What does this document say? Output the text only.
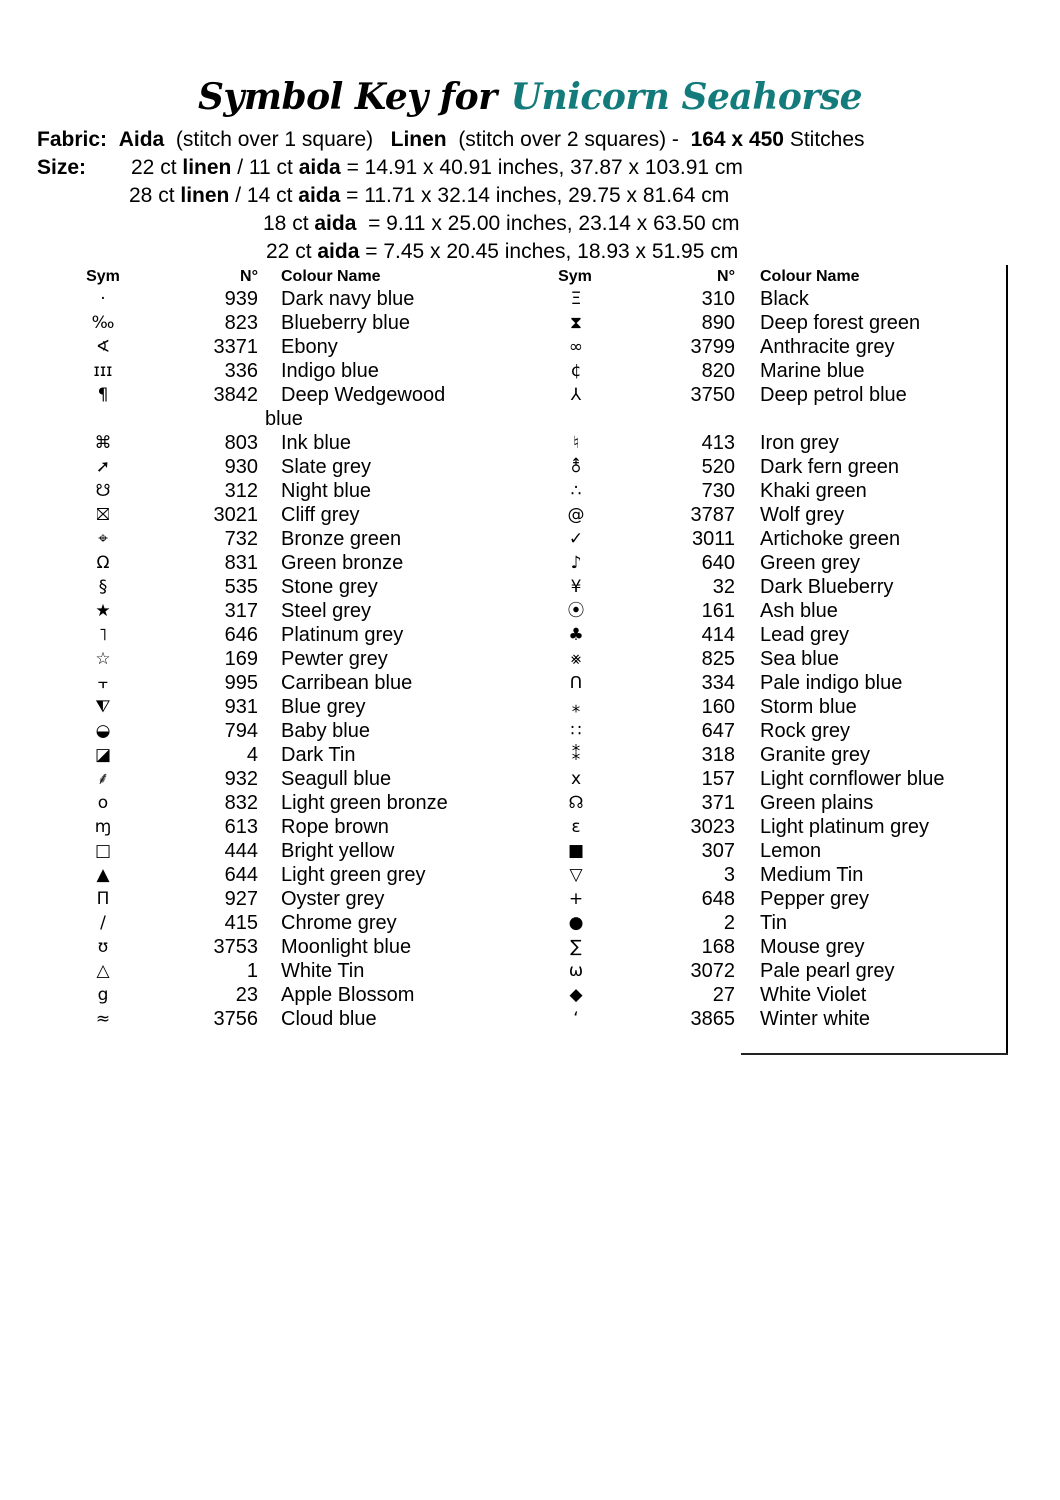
Symbol Key for Unicorn Seahorse
Fabric: Aida (stitch over 1 square) Linen (stitch over 2 squares) - 164 x 450 Stitches
Size: 22 ct linen / 11 ct aida = 14.91 x 40.91 inches, 37.87 x 103.91 cm
28 ct linen / 14 ct aida = 11.71 x 32.14 inches, 29.75 x 81.64 cm
18 ct aida  = 9.11 x 25.00 inches, 23.14 x 63.50 cm
22 ct aida = 7.45 x 20.45 inches, 18.93 x 51.95 cm
Sym	N° Colour Name
·	939 Dark navy blue
‰	823 Blueberry blue
∢	3371 Ebony
ɪɪɪ	336 Indigo blue
¶	3842 Deep Wedgewood
blue
⌘	803 Ink blue
➚	930 Slate grey
☋	312 Night blue
⛝	3021 Cliff grey
⌖	732 Bronze green
Ω	831 Green bronze
§	535 Stone grey
★	317 Steel grey
˥	646 Platinum grey
☆	169 Pewter grey
⫟	995 Carribean blue
⧨	931 Blue grey
◒	794 Baby blue
◪	4 Dark Tin
⸙	932 Seagull blue
o	832 Light green bronze
ɱ	613 Rope brown
□	444 Bright yellow
▲	644 Light green grey
Π	927 Oyster grey
/	415 Chrome grey
ʊ	3753 Moonlight blue
△	1 White Tin
g	23 Apple Blossom
≈	3756 Cloud blue
Sym	N° Colour Name
Ξ	310 Black
⧗	890 Deep forest green
∞	3799 Anthracite grey
¢	820 Marine blue
⅄	3750 Deep petrol blue
♮	413 Iron grey
⚨	520 Dark fern green
∴	730 Khaki green
@	3787 Wolf grey
✓	3011 Artichoke green
♪	640 Green grey
¥	32 Dark Blueberry
⦿	161 Ash blue
♣	414 Lead grey
⨳	825 Sea blue
ᑎ	334 Pale indigo blue
⁎	160 Storm blue
∷	647 Rock grey
⁑	318 Granite grey
x	157 Light cornflower blue
☊	371 Green plains
ɛ	3023 Light platinum grey
■	307 Lemon
▽	3 Medium Tin
+	648 Pepper grey
●	2 Tin
∑	168 Mouse grey
ω	3072 Pale pearl grey
◆	27 White Violet
ʻ	3865 Winter white
